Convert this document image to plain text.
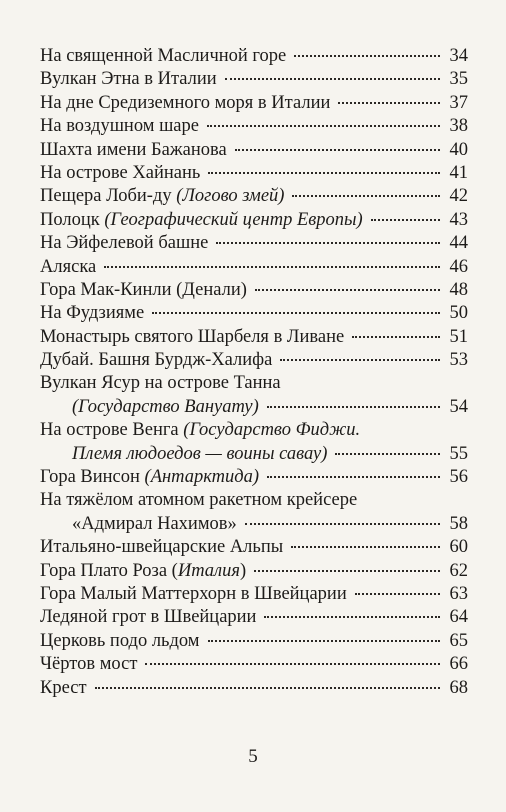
На священной Масличной горе	34
Вулкан Этна в Италии	35
На дне Средиземного моря в Италии	37
На воздушном шаре	38
Шахта имени Бажанова	40
На острове Хайнань	41
Пещера Лоби-ду (Логово змей)	42
Полоцк (Географический центр Европы)	43
На Эйфелевой башне	44
Аляска	46
Гора Мак-Кинли (Денали)	48
На Фудзияме	50
Монастырь святого Шарбеля в Ливане	51
Дубай. Башня Бурдж-Халифа	53
Вулкан Ясур на острове Танна
(Государство Вануату)	54
На острове Венга (Государство Фиджи.
Племя людоедов — воины савау)	55
Гора Винсон (Антарктида)	56
На тяжёлом атомном ракетном крейсере
«Адмирал Нахимов»	58
Итальяно-швейцарские Альпы	60
Гора Плато Роза (Италия)	62
Гора Малый Маттерхорн в Швейцарии	63
Ледяной грот в Швейцарии	64
Церковь подо льдом	65
Чёртов мост	66
Крест	68
5
